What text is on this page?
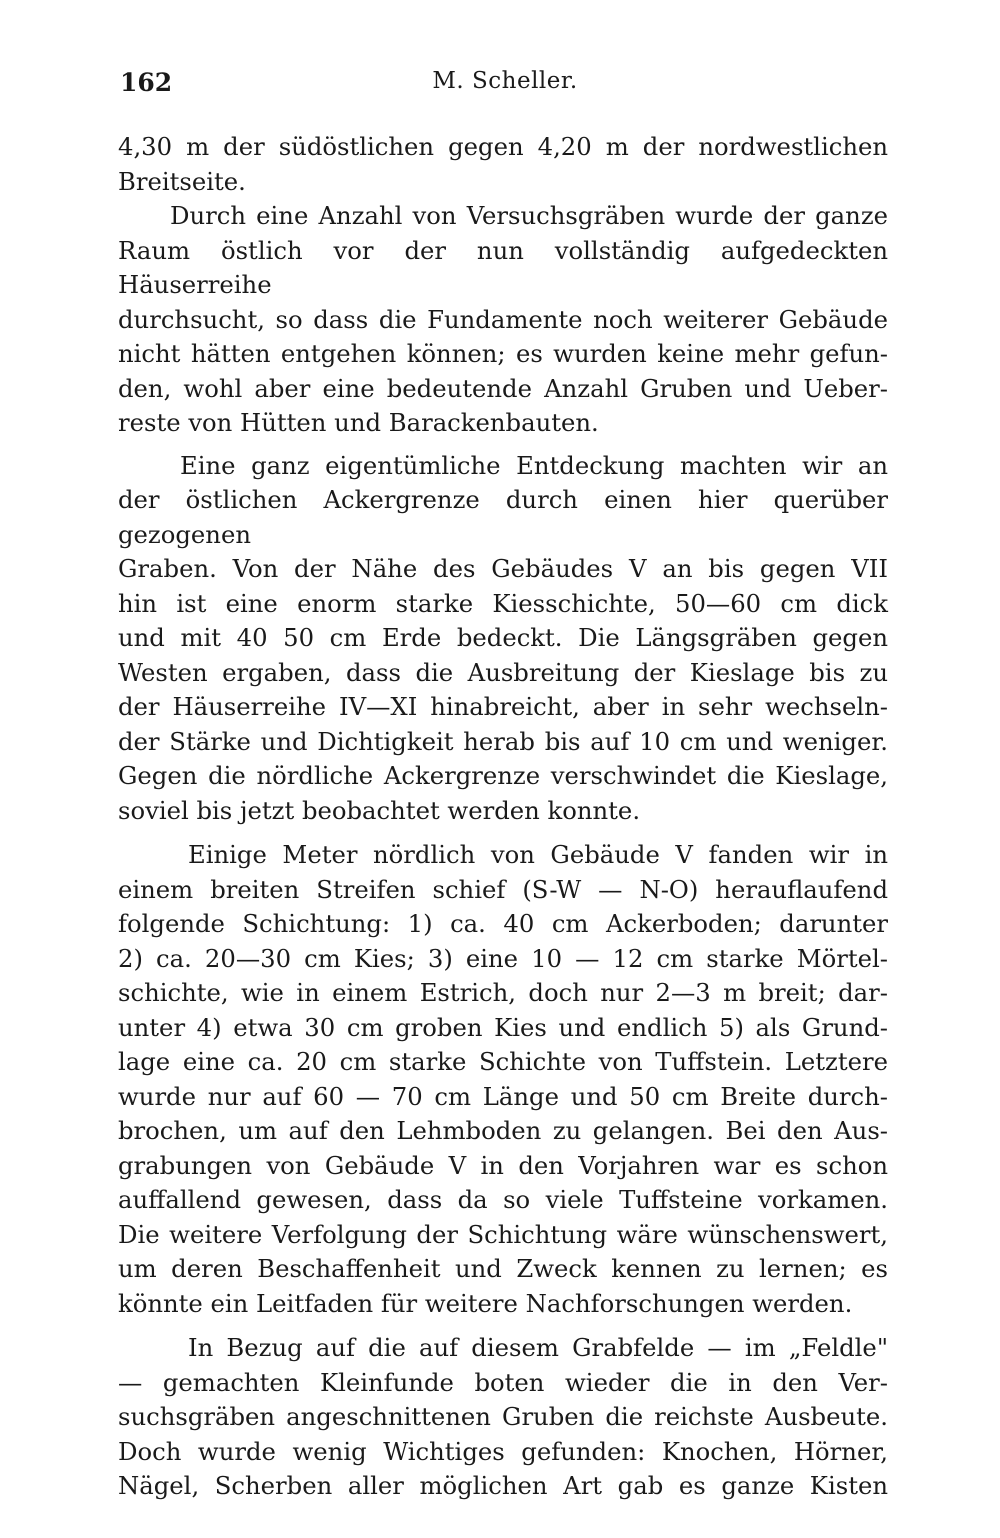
162	M. Scheller.

4,30 m der südöstlichen gegen 4,20 m der nordwestlichen

Breitseite.

Durch eine Anzahl von Versuchsgräben wurde der ganze

Raum östlich vor der nun vollständig aufgedeckten Häuserreihe

durchsucht, so dass die Fundamente noch weiterer Gebäude

nicht hätten entgehen können; es wurden keine mehr gefun-

den, wohl aber eine bedeutende Anzahl Gruben und Ueber-

reste von Hütten und Barackenbauten.

Eine ganz eigentümliche Entdeckung machten wir an

der östlichen Ackergrenze durch einen hier querüber gezogenen

Graben. Von der Nähe des Gebäudes V an bis gegen VII

hin ist eine enorm starke Kiesschichte, 50—60 cm dick

und mit 40 50 cm Erde bedeckt. Die Längsgräben gegen

Westen ergaben, dass die Ausbreitung der Kieslage bis zu

der Häuserreihe IV—XI hinabreicht, aber in sehr wechseln-

der Stärke und Dichtigkeit herab bis auf 10 cm und weniger.

Gegen die nördliche Ackergrenze verschwindet die Kieslage,

soviel bis jetzt beobachtet werden konnte.

Einige Meter nördlich von Gebäude V fanden wir in

einem breiten Streifen schief (S-W — N-O) herauflaufend

folgende Schichtung: 1) ca. 40 cm Ackerboden; darunter

2) ca. 20—30 cm Kies; 3) eine 10 — 12 cm starke Mörtel-

schichte, wie in einem Estrich, doch nur 2—3 m breit; dar-

unter 4) etwa 30 cm groben Kies und endlich 5) als Grund-

lage eine ca. 20 cm starke Schichte von Tuffstein. Letztere

wurde nur auf 60 — 70 cm Länge und 50 cm Breite durch-

brochen, um auf den Lehmboden zu gelangen. Bei den Aus-

grabungen von Gebäude V in den Vorjahren war es schon

auffallend gewesen, dass da so viele Tuffsteine vorkamen.

Die weitere Verfolgung der Schichtung wäre wünschenswert,

um deren Beschaffenheit und Zweck kennen zu lernen; es

könnte ein Leitfaden für weitere Nachforschungen werden.

In Bezug auf die auf diesem Grabfelde — im „Feldle"

— gemachten Kleinfunde boten wieder die in den Ver-

suchsgräben angeschnittenen Gruben die reichste Ausbeute.

Doch wurde wenig Wichtiges gefunden: Knochen, Hörner,

Nägel, Scherben aller möglichen Art gab es ganze Kisten
